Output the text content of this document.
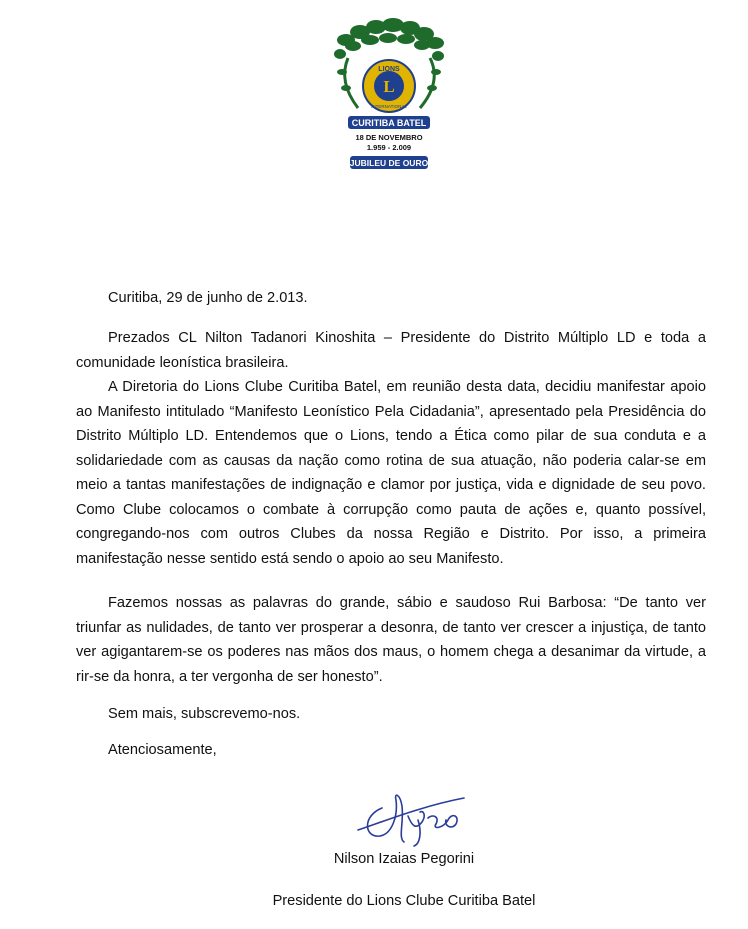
L
LIONS
INTERNATIONAL
CURITIBA BATEL
18 DE NOVEMBRO
1.959 - 2.009
JUBILEU DE OURO

Curitiba, 29 de junho de 2.013.

Prezados CL Nilton Tadanori Kinoshita – Presidente do Distrito Múltiplo LD e toda a comunidade leonística brasileira.

A Diretoria do Lions Clube Curitiba Batel, em reunião desta data, decidiu manifestar apoio ao Manifesto intitulado “Manifesto Leonístico Pela Cidadania”, apresentado pela Presidência do Distrito Múltiplo LD. Entendemos que o Lions, tendo a Ética como pilar de sua conduta e a solidariedade com as causas da nação como rotina de sua atuação, não poderia calar-se em meio a tantas manifestações de indignação e clamor por justiça, vida e dignidade de seu povo. Como Clube colocamos o combate à corrupção como pauta de ações e, quanto possível, congregando-nos com outros Clubes da nossa Região e Distrito. Por isso, a primeira manifestação nesse sentido está sendo o apoio ao seu Manifesto.

Fazemos nossas as palavras do grande, sábio e saudoso Rui Barbosa: “De tanto ver triunfar as nulidades, de tanto ver prosperar a desonra, de tanto ver crescer a injustiça, de tanto ver agigantarem-se os poderes nas mãos dos maus, o homem chega a desanimar da virtude, a rir-se da honra, a ter vergonha de ser honesto”.

Sem mais, subscrevemo-nos.

Atenciosamente,

Nilson Izaias Pegorini

Presidente do Lions Clube Curitiba Batel
